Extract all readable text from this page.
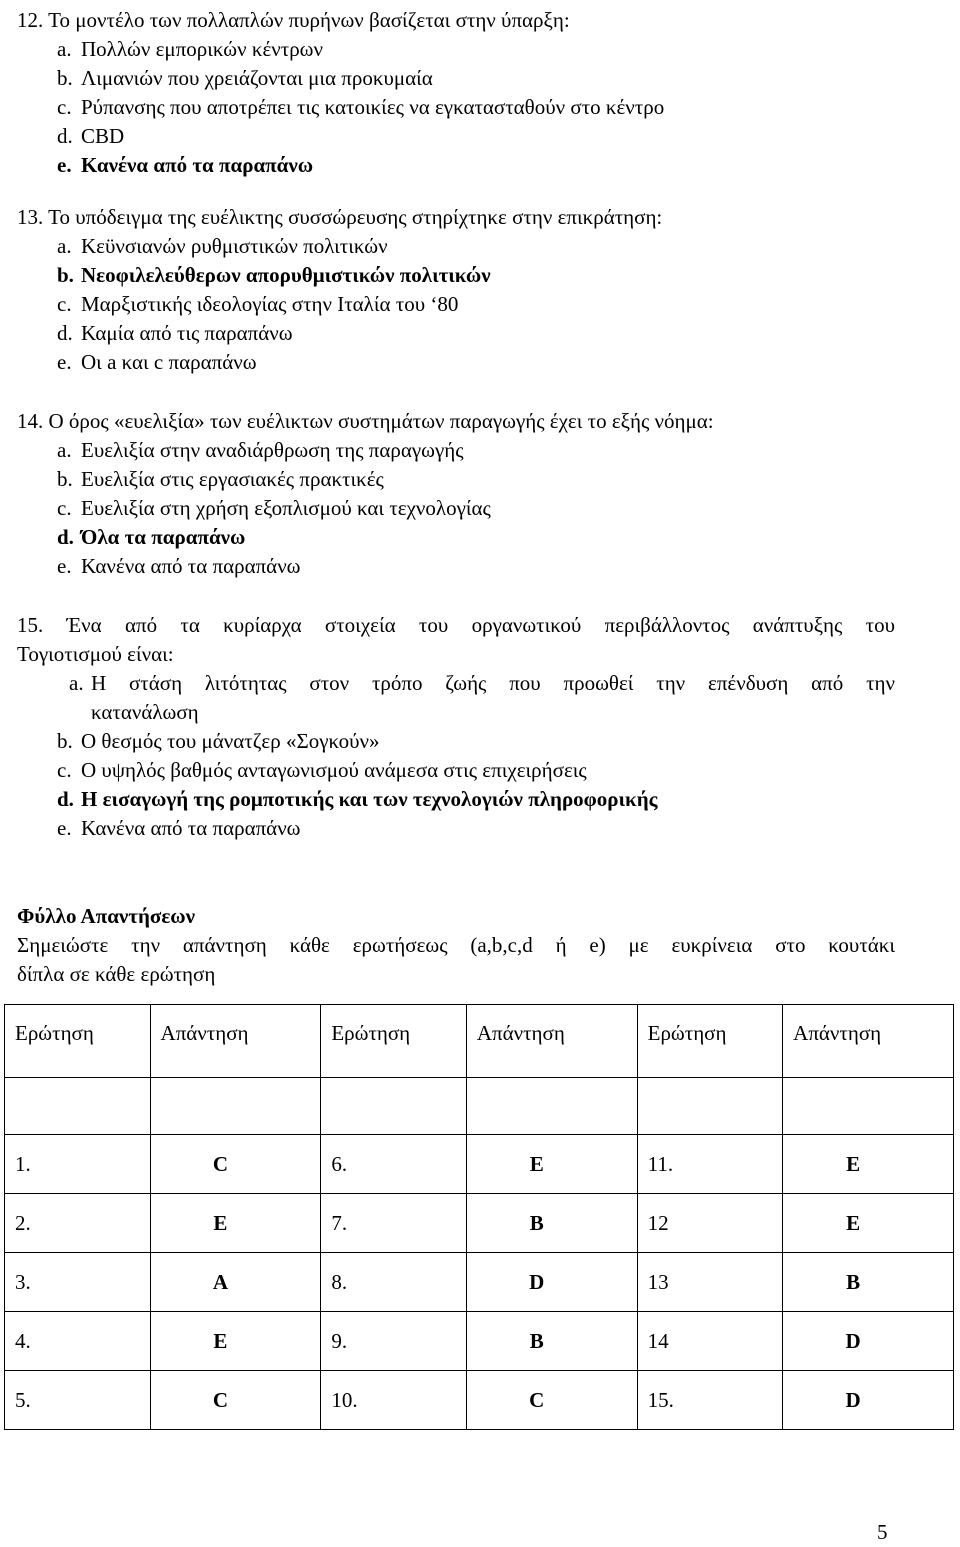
12. Το μοντέλο των πολλαπλών πυρήνων βασίζεται στην ύπαρξη:
a. Πολλών εμπορικών κέντρων
b. Λιμανιών που χρειάζονται μια προκυμαία
c. Ρύπανσης που αποτρέπει τις κατοικίες να εγκατασταθούν στο κέντρο
d. CBD
e. Κανένα από τα παραπάνω
13. Το υπόδειγμα της ευέλικτης συσσώρευσης στηρίχτηκε στην επικράτηση:
a. Κεϋνσιανών ρυθμιστικών πολιτικών
b. Νεοφιλελεύθερων απορυθμιστικών πολιτικών
c. Μαρξιστικής ιδεολογίας στην Ιταλία του ‘80
d. Καμία από τις παραπάνω
e. Οι a και c παραπάνω
14. Ο όρος «ευελιξία» των ευέλικτων συστημάτων παραγωγής έχει το εξής νόημα:
a. Ευελιξία στην αναδιάρθρωση της παραγωγής
b. Ευελιξία στις εργασιακές πρακτικές
c. Ευελιξία στη χρήση εξοπλισμού και τεχνολογίας
d. Όλα τα παραπάνω
e. Κανένα από τα παραπάνω
15. Ένα από τα κυρίαρχα στοιχεία του οργανωτικού περιβάλλοντος ανάπτυξης του
Τογιοτισμού είναι:
a. Η στάση λιτότητας στον τρόπο ζωής που προωθεί την επένδυση από την
κατανάλωση
b. Ο θεσμός του μάνατζερ «Σογκούν»
c. Ο υψηλός βαθμός ανταγωνισμού ανάμεσα στις επιχειρήσεις
d. Η εισαγωγή της ρομποτικής και των τεχνολογιών πληροφορικής
e. Κανένα από τα παραπάνω
Φύλλο Απαντήσεων
Σημειώστε την απάντηση κάθε ερωτήσεως (a,b,c,d ή e) με ευκρίνεια στο κουτάκι
δίπλα σε κάθε ερώτηση
Ερώτηση	Απάντηση	Ερώτηση	Απάντηση	Ερώτηση	Απάντηση

1.	C	6.	E	11.	E
2.	E	7.	B	12	E
3.	A	8.	D	13	B
4.	E	9.	B	14	D
5.	C	10.	C	15.	D
5
